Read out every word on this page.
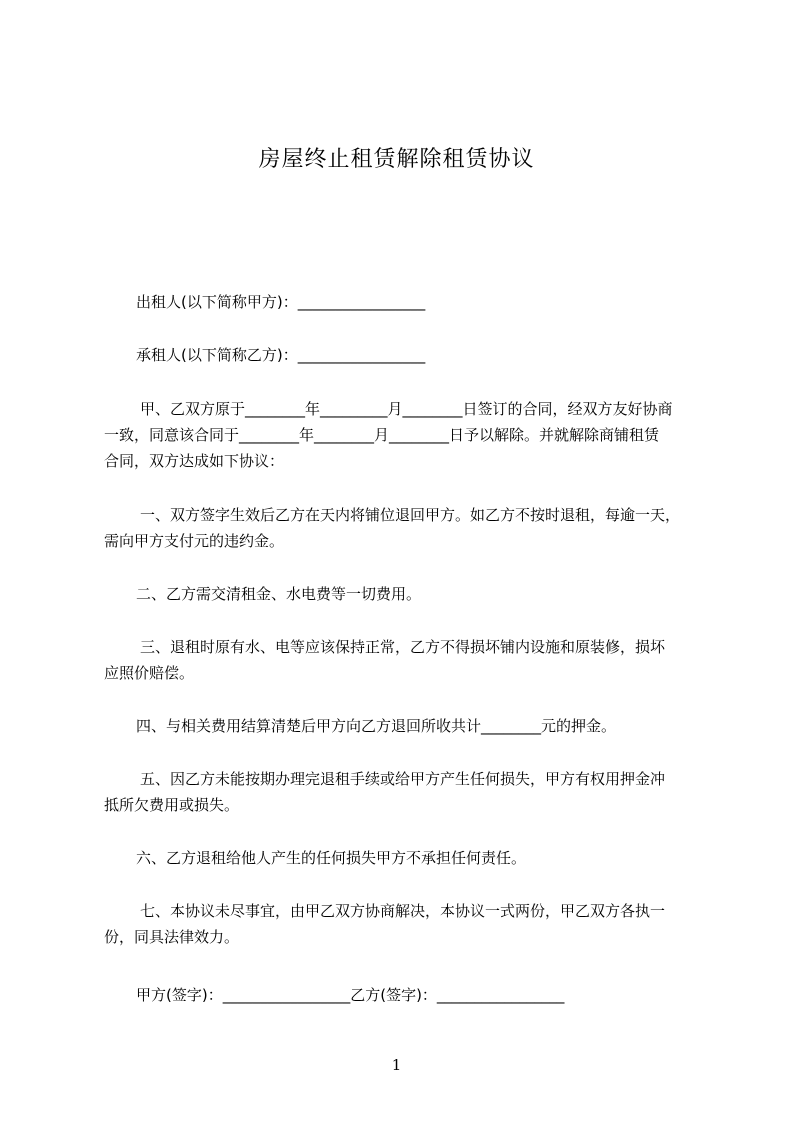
房屋终止租赁解除租赁协议
出租人(以下简称甲方)：_________________
承租人(以下简称乙方)：_________________
甲、乙双方原于________年_________月________日签订的合同，经双方友好协商
一致，同意该合同于________年________月________日予以解除。并就解除商铺租赁
合同，双方达成如下协议：
一、双方签字生效后乙方在天内将铺位退回甲方。如乙方不按时退租，每逾一天，
需向甲方支付元的违约金。
二、乙方需交清租金、水电费等一切费用。
三、退租时原有水、电等应该保持正常，乙方不得损坏铺内设施和原装修，损坏
应照价赔偿。
四、与相关费用结算清楚后甲方向乙方退回所收共计________元的押金。
五、因乙方未能按期办理完退租手续或给甲方产生任何损失，甲方有权用押金冲
抵所欠费用或损失。
六、乙方退租给他人产生的任何损失甲方不承担任何责任。
七、本协议未尽事宜，由甲乙双方协商解决，本协议一式两份，甲乙双方各执一
份，同具法律效力。
甲方(签字)：_________________乙方(签字)：_________________
1
